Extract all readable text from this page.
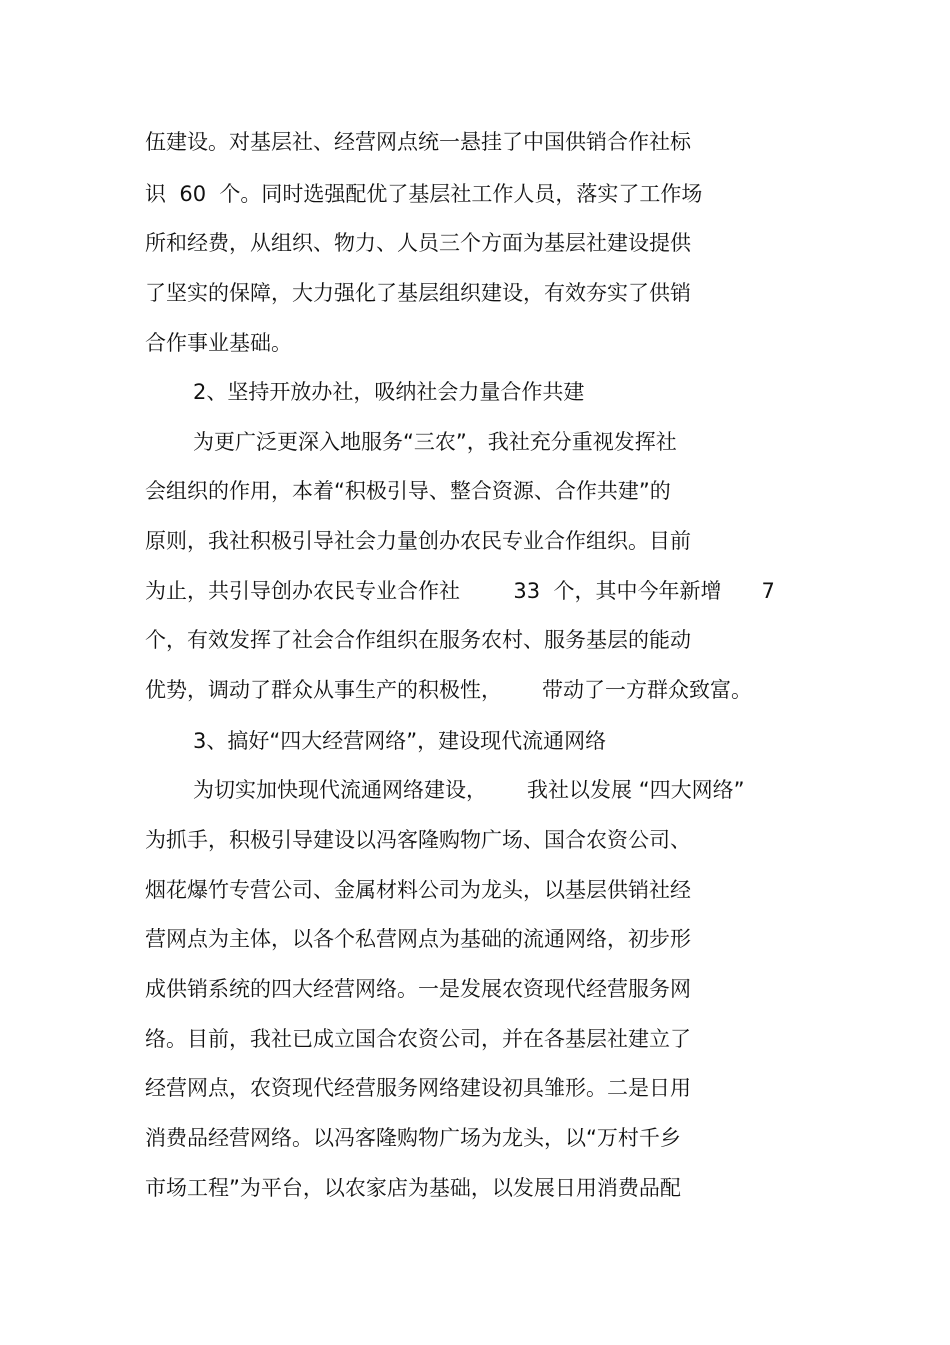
伍建设。对基层社、经营网点统一悬挂了中国供销合作社标
识  60  个。同时选强配优了基层社工作人员，落实了工作场
所和经费，从组织、物力、人员三个方面为基层社建设提供
了坚实的保障，大力强化了基层组织建设，有效夯实了供销
合作事业基础。
2、坚持开放办社，吸纳社会力量合作共建
为更广泛更深入地服务“三农”，我社充分重视发挥社
会组织的作用，本着“积极引导、整合资源、合作共建”的
原则，我社积极引导社会力量创办农民专业合作组织。目前
为止，共引导创办农民专业合作社        33  个，其中今年新增      7
个，有效发挥了社会合作组织在服务农村、服务基层的能动
优势，调动了群众从事生产的积极性，      带动了一方群众致富。
3、搞好“四大经营网络”，建设现代流通网络
为切实加快现代流通网络建设，      我社以发展 “四大网络”
为抓手，积极引导建设以冯客隆购物广场、国合农资公司、
烟花爆竹专营公司、金属材料公司为龙头，以基层供销社经
营网点为主体，以各个私营网点为基础的流通网络，初步形
成供销系统的四大经营网络。一是发展农资现代经营服务网
络。目前，我社已成立国合农资公司，并在各基层社建立了
经营网点，农资现代经营服务网络建设初具雏形。二是日用
消费品经营网络。以冯客隆购物广场为龙头，以“万村千乡
市场工程”为平台，以农家店为基础，以发展日用消费品配
